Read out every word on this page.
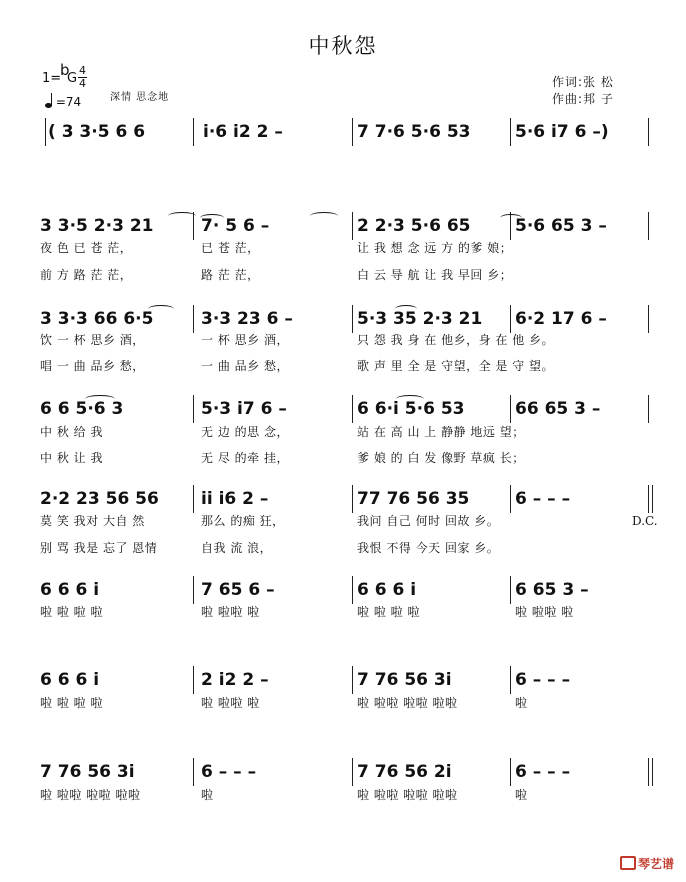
中秋怨
1=
b
G
4
4
=74	深情 思念地
作词:张 松
作曲:邦 子
( 3 3·5 6 6	i·6 i2 2 –	7 7·6 5·6 53	5·6 i7 6 –)
3 3·5 2·3 21	7· 5 6 –	2 2·3 5·6 65	5·6 65 3 –
3 3·3 66 6·5	3·3 23 6 –	5·3 35 2·3 21 6·2 17 6 –
6 6 5·6 3	5·3 i7 6 –	6 6·i 5·6 53	66 65 3 –
2·2 23 56 56 ii i6 2 –	77 76 56 35	6 – – –
6 6 6 i	7 65 6 –	6 6 6 i	6 65 3 –
6 6 6 i	2 i2 2 –	7 76 56 3i	6 – – –
7 76 56 3i	6 – – –	7 76 56 2i	6 – – –
夜 色 已 苍 茫，	已 苍 茫，	让 我 想 念 远 方 的爹 娘；
前 方 路 茫 茫，	路 茫 茫，	白 云 导 航 让 我 早回 乡；
饮 一 杯 思乡 酒，	一 杯 思乡 酒，	只 怨 我 身 在 他乡，身 在 他 乡。
唱 一 曲 品乡 愁，	一 曲 品乡 愁，	歌 声 里 全 是 守望，全 是 守 望。
中 秋 给 我	无 边 的思 念，	站 在 高 山 上 静静 地远 望；
中 秋 让 我	无 尽 的牵 挂，	爹 娘 的 白 发 像野 草疯 长；
莫 笑 我对 大自 然	那么 的痴 狂，	我问 自己 何时 回故 乡。
别 骂 我是 忘了 恩情	自我 流 浪，	我恨 不得 今天 回家 乡。
啦 啦 啦 啦	啦 啦啦 啦	啦 啦 啦 啦	啦 啦啦 啦
啦 啦 啦 啦	啦 啦啦 啦	啦 啦啦 啦啦 啦啦	啦
啦 啦啦 啦啦 啦啦	啦	啦 啦啦 啦啦 啦啦	啦
D.C.
琴艺谱
